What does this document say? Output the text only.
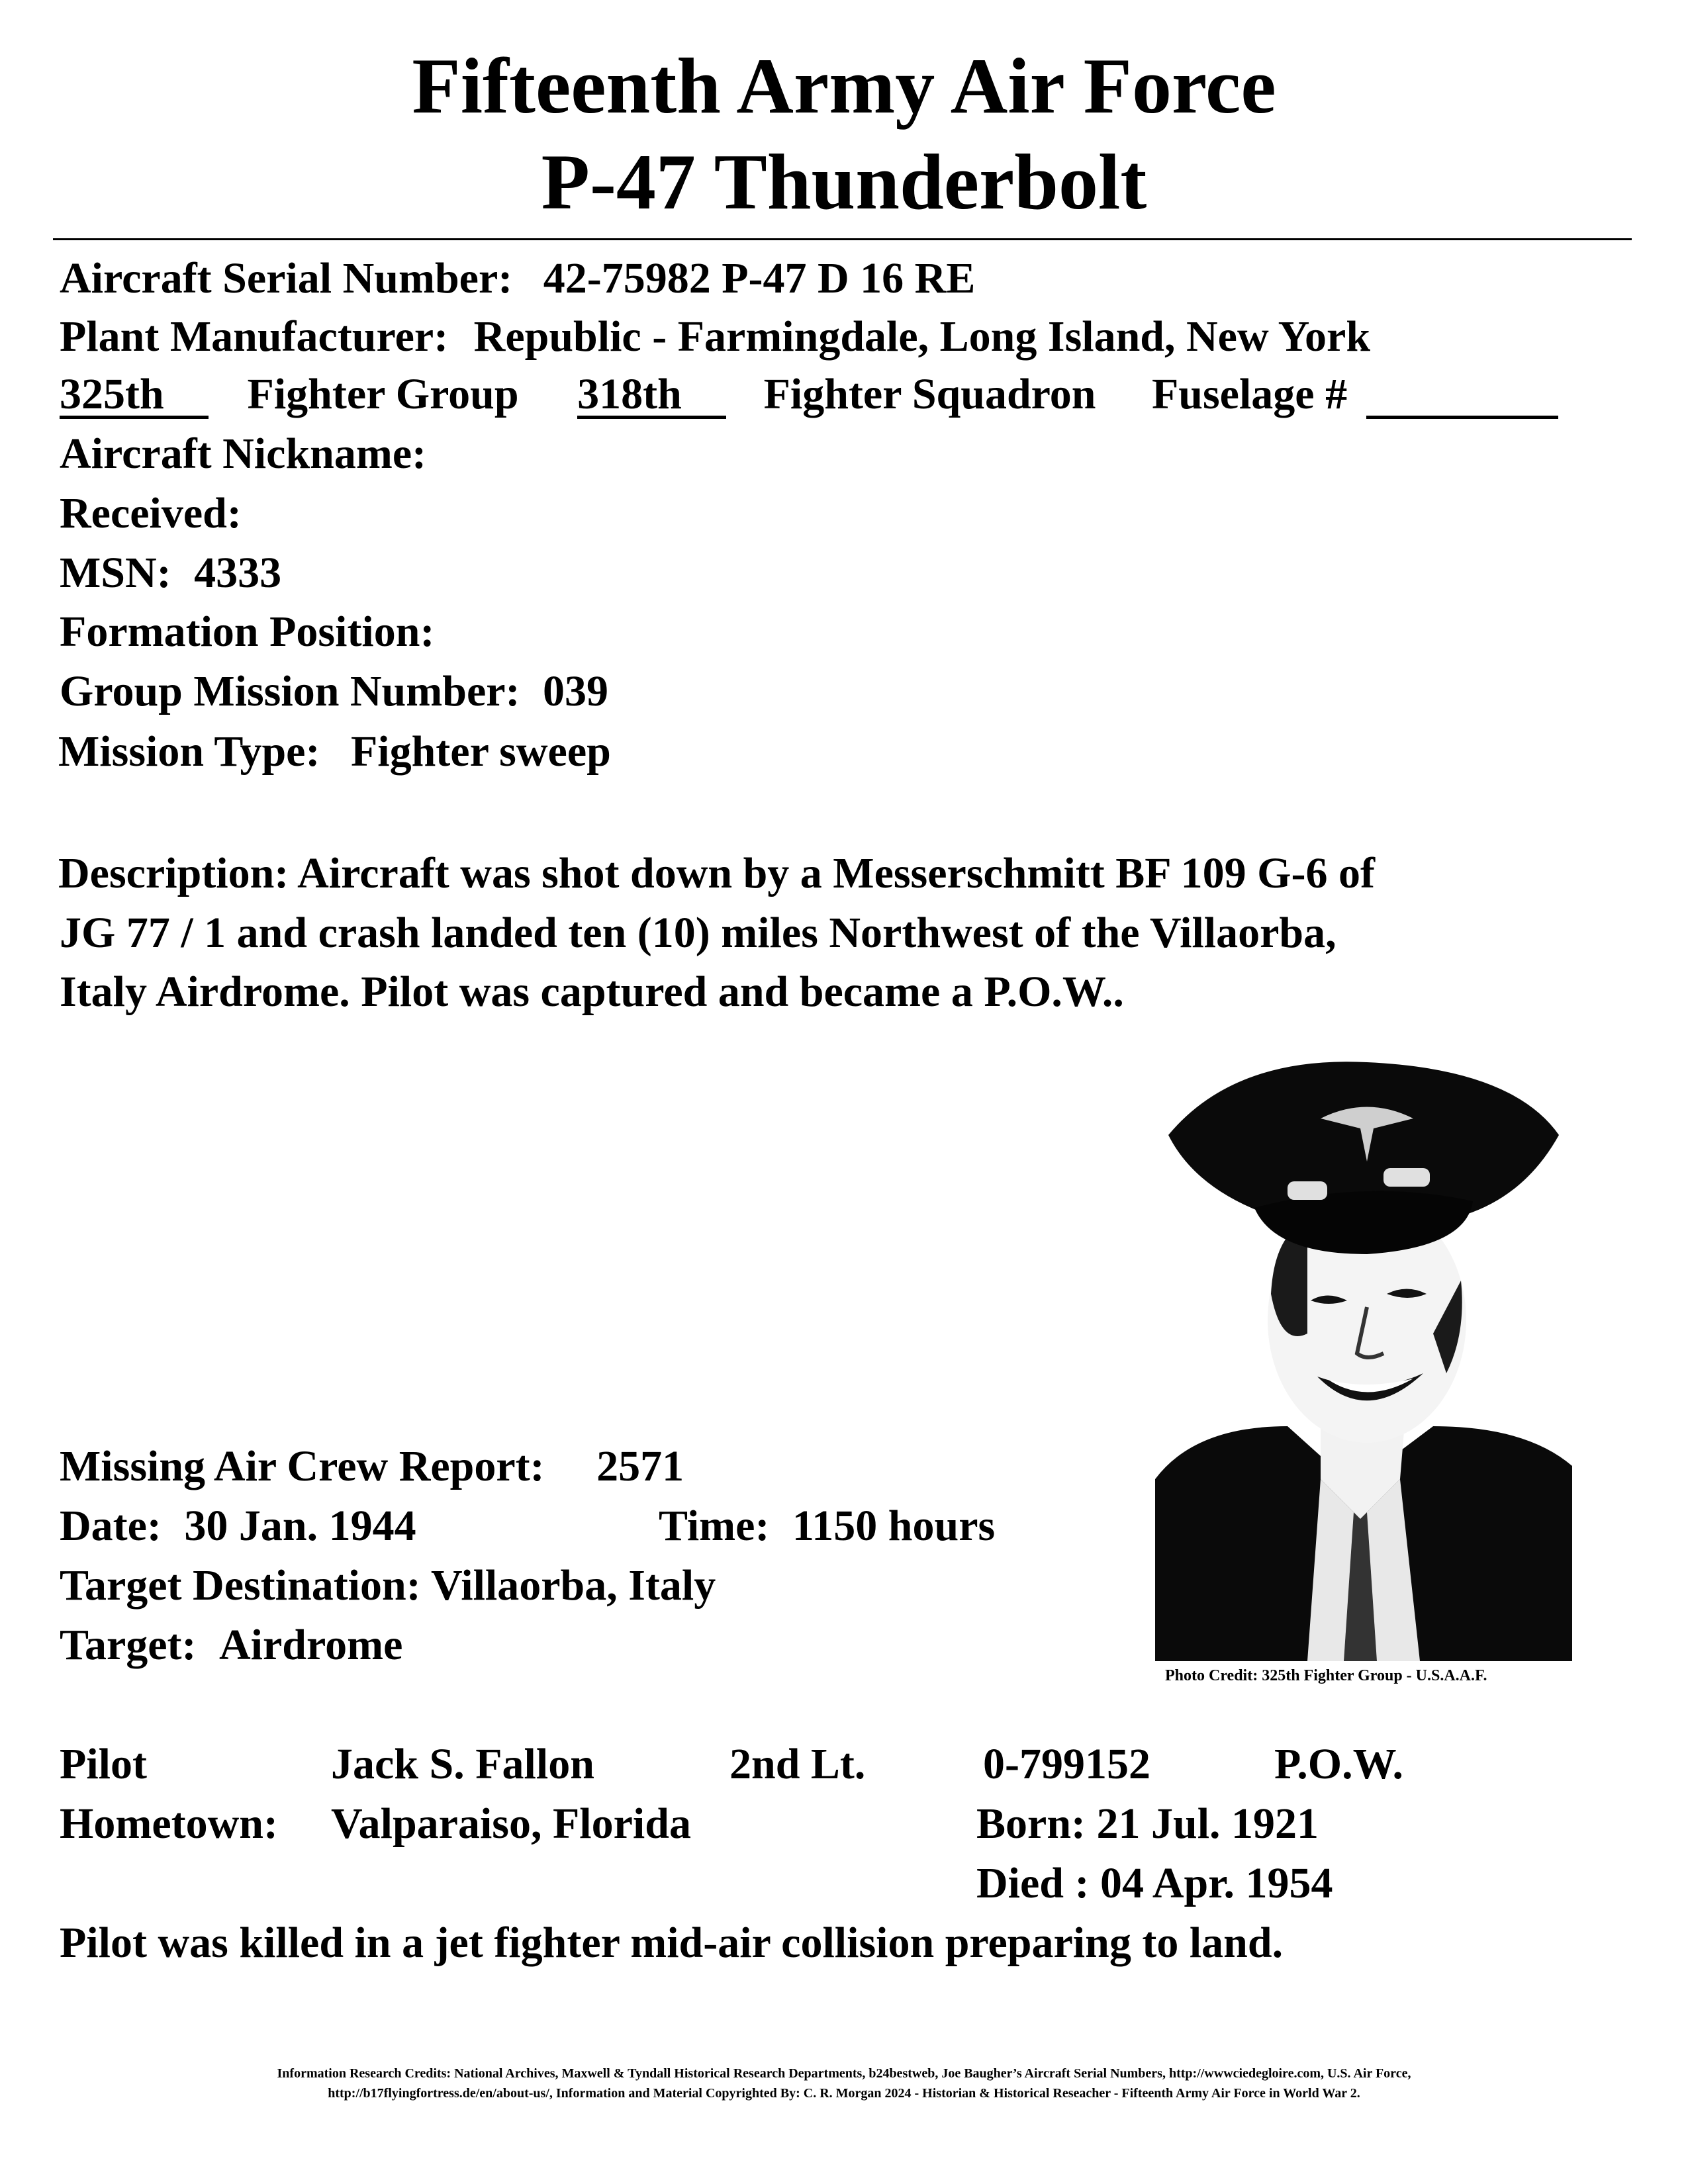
Fifteenth Army Air Force
P-47 Thunderbolt
Aircraft Serial Number: 42-75982 P-47 D 16 RE
Plant Manufacturer: Republic - Farmingdale, Long Island, New York
325th Fighter Group 318th Fighter Squadron Fuselage #
Aircraft Nickname:
Received:
MSN: 4333
Formation Position:
Group Mission Number: 039
Mission Type: Fighter sweep
Description: Aircraft was shot down by a Messerschmitt BF 109 G-6 of
JG 77 / 1 and crash landed ten (10) miles Northwest of the Villaorba,
Italy Airdrome. Pilot was captured and became a P.O.W..
Photo Credit: 325th Fighter Group - U.S.A.A.F.
Missing Air Crew Report: 2571
Date: 30 Jan. 1944	Time: 1150 hours
Target Destination: Villaorba, Italy
Target: Airdrome
Pilot	Jack S. Fallon	2nd Lt.	0-799152	P.O.W.
Hometown: Valparaiso, Florida	Born: 21 Jul. 1921
Died : 04 Apr. 1954
Pilot was killed in a jet fighter mid-air collision preparing to land.
Information Research Credits: National Archives, Maxwell & Tyndall Historical Research Departments, b24bestweb, Joe Baugher’s Aircraft Serial Numbers, http://wwwciedegloire.com, U.S. Air Force,
http://b17flyingfortress.de/en/about-us/, Information and Material Copyrighted By: C. R. Morgan 2024 - Historian & Historical Reseacher - Fifteenth Army Air Force in World War 2.
